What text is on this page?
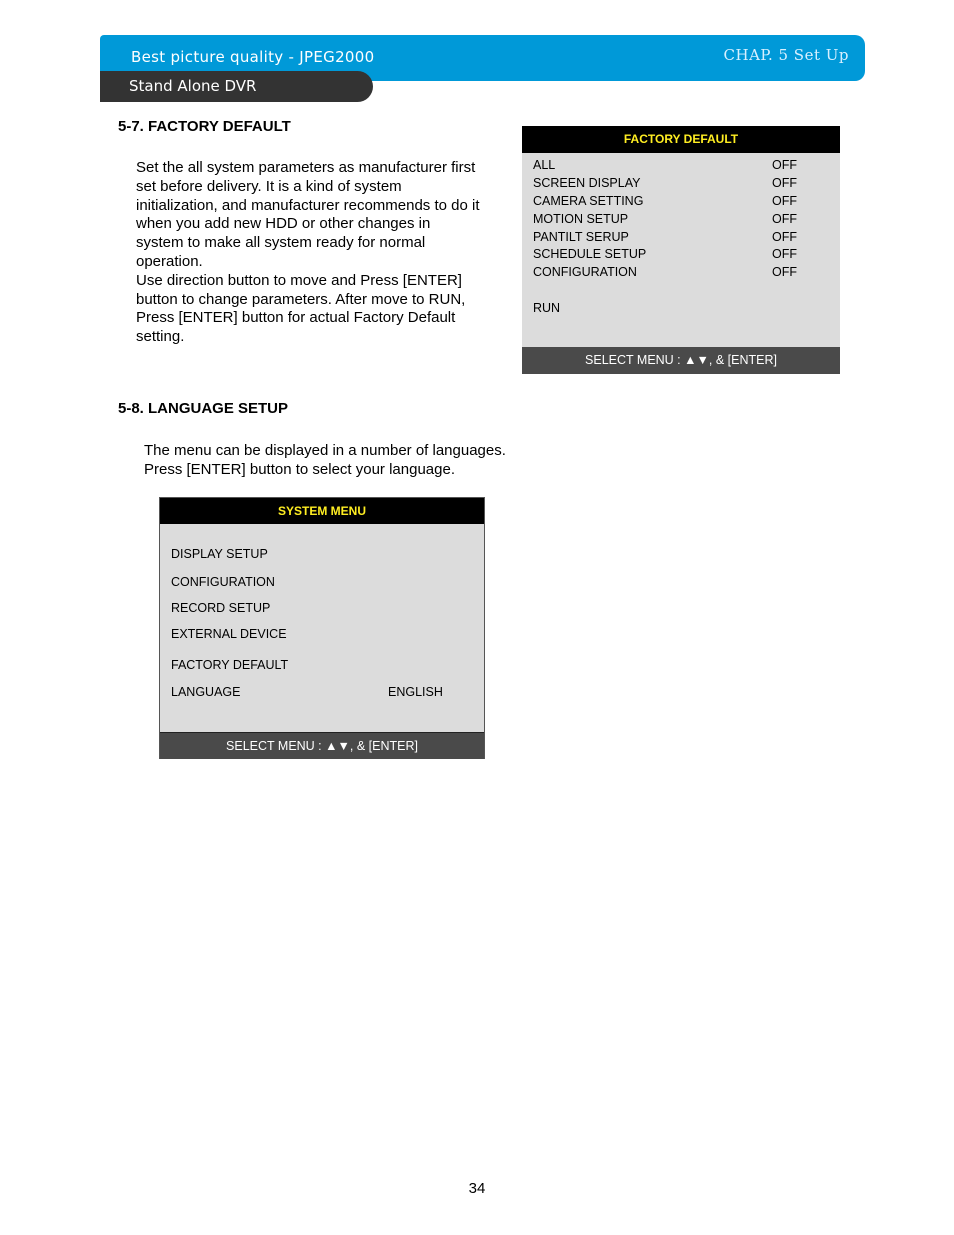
Best picture quality - JPEG2000	CHAP. 5 Set Up
Stand Alone DVR
5-7. FACTORY DEFAULT
Set the all system parameters as manufacturer first
set before delivery. It is a kind of system
initialization, and manufacturer recommends to do it
when you add new HDD or other changes in
system to make all system ready for normal
operation.
Use direction button to move and Press [ENTER]
button to change parameters. After move to RUN,
Press [ENTER] button for actual Factory Default
setting.
FACTORY DEFAULT
ALL	OFF
SCREEN DISPLAY	OFF
CAMERA SETTING	OFF
MOTION SETUP	OFF
PANTILT SERUP	OFF
SCHEDULE SETUP	OFF
CONFIGURATION	OFF
RUN
SELECT MENU : ▲▼, & [ENTER]
5-8. LANGUAGE SETUP
The menu can be displayed in a number of languages.
Press [ENTER] button to select your language.
SYSTEM MENU
DISPLAY SETUP
CONFIGURATION
RECORD SETUP
EXTERNAL DEVICE
FACTORY DEFAULT
LANGUAGE	ENGLISH
SELECT MENU : ▲▼, & [ENTER]
34
